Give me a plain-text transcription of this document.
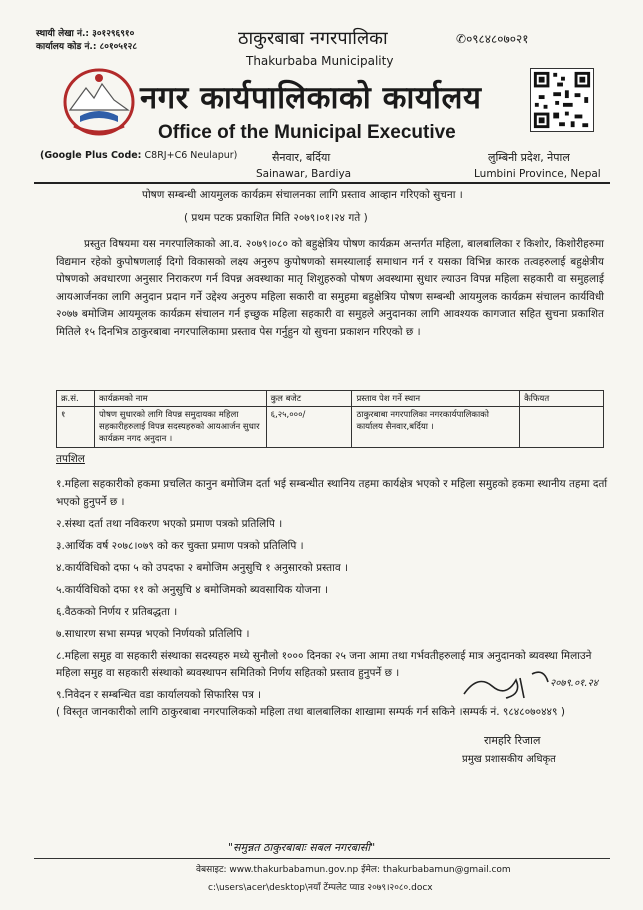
स्थायी लेखा नं.: ३०१२९६९१०
कार्यालय कोड नं.: ८०१०५१२८
✆०९८४८०७०२१
ठाकुरबाबा नगरपालिका
Thakurbaba Municipality
नगर कार्यपालिकाको कार्यालय
Office of the Municipal Executive
(Google Plus Code: C8RJ+C6 Neulapur)	सैनवार, बर्दिया
Sainawar, Bardiya
लुम्बिनी प्रदेश, नेपाल
Lumbini Province, Nepal
पोषण सम्बन्धी आयमुलक कार्यक्रम संचालनका लागि प्रस्ताव आव्हान गरिएको सुचना ।
( प्रथम पटक प्रकाशित मिति २०७९।०१।२४ गते )
प्रस्तुत विषयमा यस नगरपालिकाको आ.व. २०७९।०८० को बहुक्षेत्रिय पोषण कार्यक्रम अन्तर्गत महिला, बालबालिका र किशोर, किशोरीहरुमा विद्यमान रहेको कुपोषणलाई दिगो विकासको लक्ष्य अनुरुप कुपोषणको समस्यालाई समाधान गर्न र यसका विभिन्न कारक तत्वहरुलाई बहुक्षेत्रीय पोषणको अवधारणा अनुसार निराकरण गर्न विपन्न अवस्थाका मातृ शिशुहरुको पोषण अवस्थामा सुधार ल्याउन विपन्न महिला सहकारी वा समुहलाई आयआर्जनका लागि अनुदान प्रदान गर्ने उद्देश्य अनुरुप महिला सकारी वा समुहमा बहुक्षेत्रिय पोषण सम्बन्धी आयमुलक कार्यक्रम संचालन कार्यविधी २०७७ बमोजिम आयमूलक कार्यक्रम संचालन गर्न इच्छुक महिला सहकारी वा समुहले अनुदानका लागि आवश्यक कागजात सहित सुचना प्रकाशित मितिले १५ दिनभित्र ठाकुरबाबा नगरपालिकामा प्रस्ताव पेस गर्नुहुन यो सुचना प्रकाशन गरिएको छ ।
क्र.सं.	कार्यक्रमको नाम	कुल बजेट	प्रस्ताव पेश गर्ने स्थान	कैफियत
१	पोषण सुधारको लागि विपन्न समुदायका महिला सहकारीहरुलाई विपन्न सदस्यहरुको आयआर्जन सुधार कार्यक्रम नगद अनुदान ।	६,२५,०००/	ठाकुरबाबा नगरपालिका नगरकार्यपालिकाको कार्यालय सैनवार,बर्दिया ।	
तपशिल
१.महिला सहकारीको हकमा प्रचलित कानुन बमोजिम दर्ता भई सम्बन्धीत स्थानिय तहमा कार्यक्षेत्र भएको र महिला समुहको हकमा स्थानीय तहमा दर्ता भएको हुनुपर्ने छ ।
२.संस्था दर्ता तथा नविकरण भएको प्रमाण पत्रको प्रतिलिपि ।
३.आर्थिक वर्ष २०७८।०७९ को कर चुक्ता प्रमाण पत्रको प्रतिलिपि ।
४.कार्यविधिको दफा ५ को उपदफा २ बमोजिम अनुसुचि १ अनुसारको प्रस्ताव ।
५.कार्यविधिको दफा ११ को अनुसुचि ४ बमोजिमको ब्यवसायिक योजना ।
६.वैठकको निर्णय र प्रतिबद्धता ।
७.साधारण सभा सम्पन्न भएको निर्णयको प्रतिलिपि ।
८.महिला समुह वा सहकारी संस्थाका सदस्यहरु मध्ये सुनौलो १००० दिनका २५ जना आमा तथा गर्भवतीहरुलाई मात्र अनुदानको ब्यवस्था मिलाउने महिला समुह वा सहकारी संस्थाको ब्यवस्थापन समितिको निर्णय सहितको प्रस्ताव हुनुपर्ने छ ।
९.निवेदन र सम्बन्धित वडा कार्यालयको सिफारिस पत्र ।
२०७९.०१.२४
( विस्तृत जानकारीको लागि ठाकुरबाबा नगरपालिकको महिला तथा बालबालिका शाखामा सम्पर्क गर्न सकिने ।सम्पर्क नं. ९८४८०७०४४९ )
रामहरि रिजाल
प्रमुख प्रशासकीय अधिकृत
"समुन्नत ठाकुरबाबाः सबल नगरबासी"
वेबसाइट: www.thakurbabamun.gov.np ईमेल: thakurbabamun@gmail.com
c:\users\acer\desktop\नयाँ टेंम्पलेट प्याड २०७९।२०८०.docx
